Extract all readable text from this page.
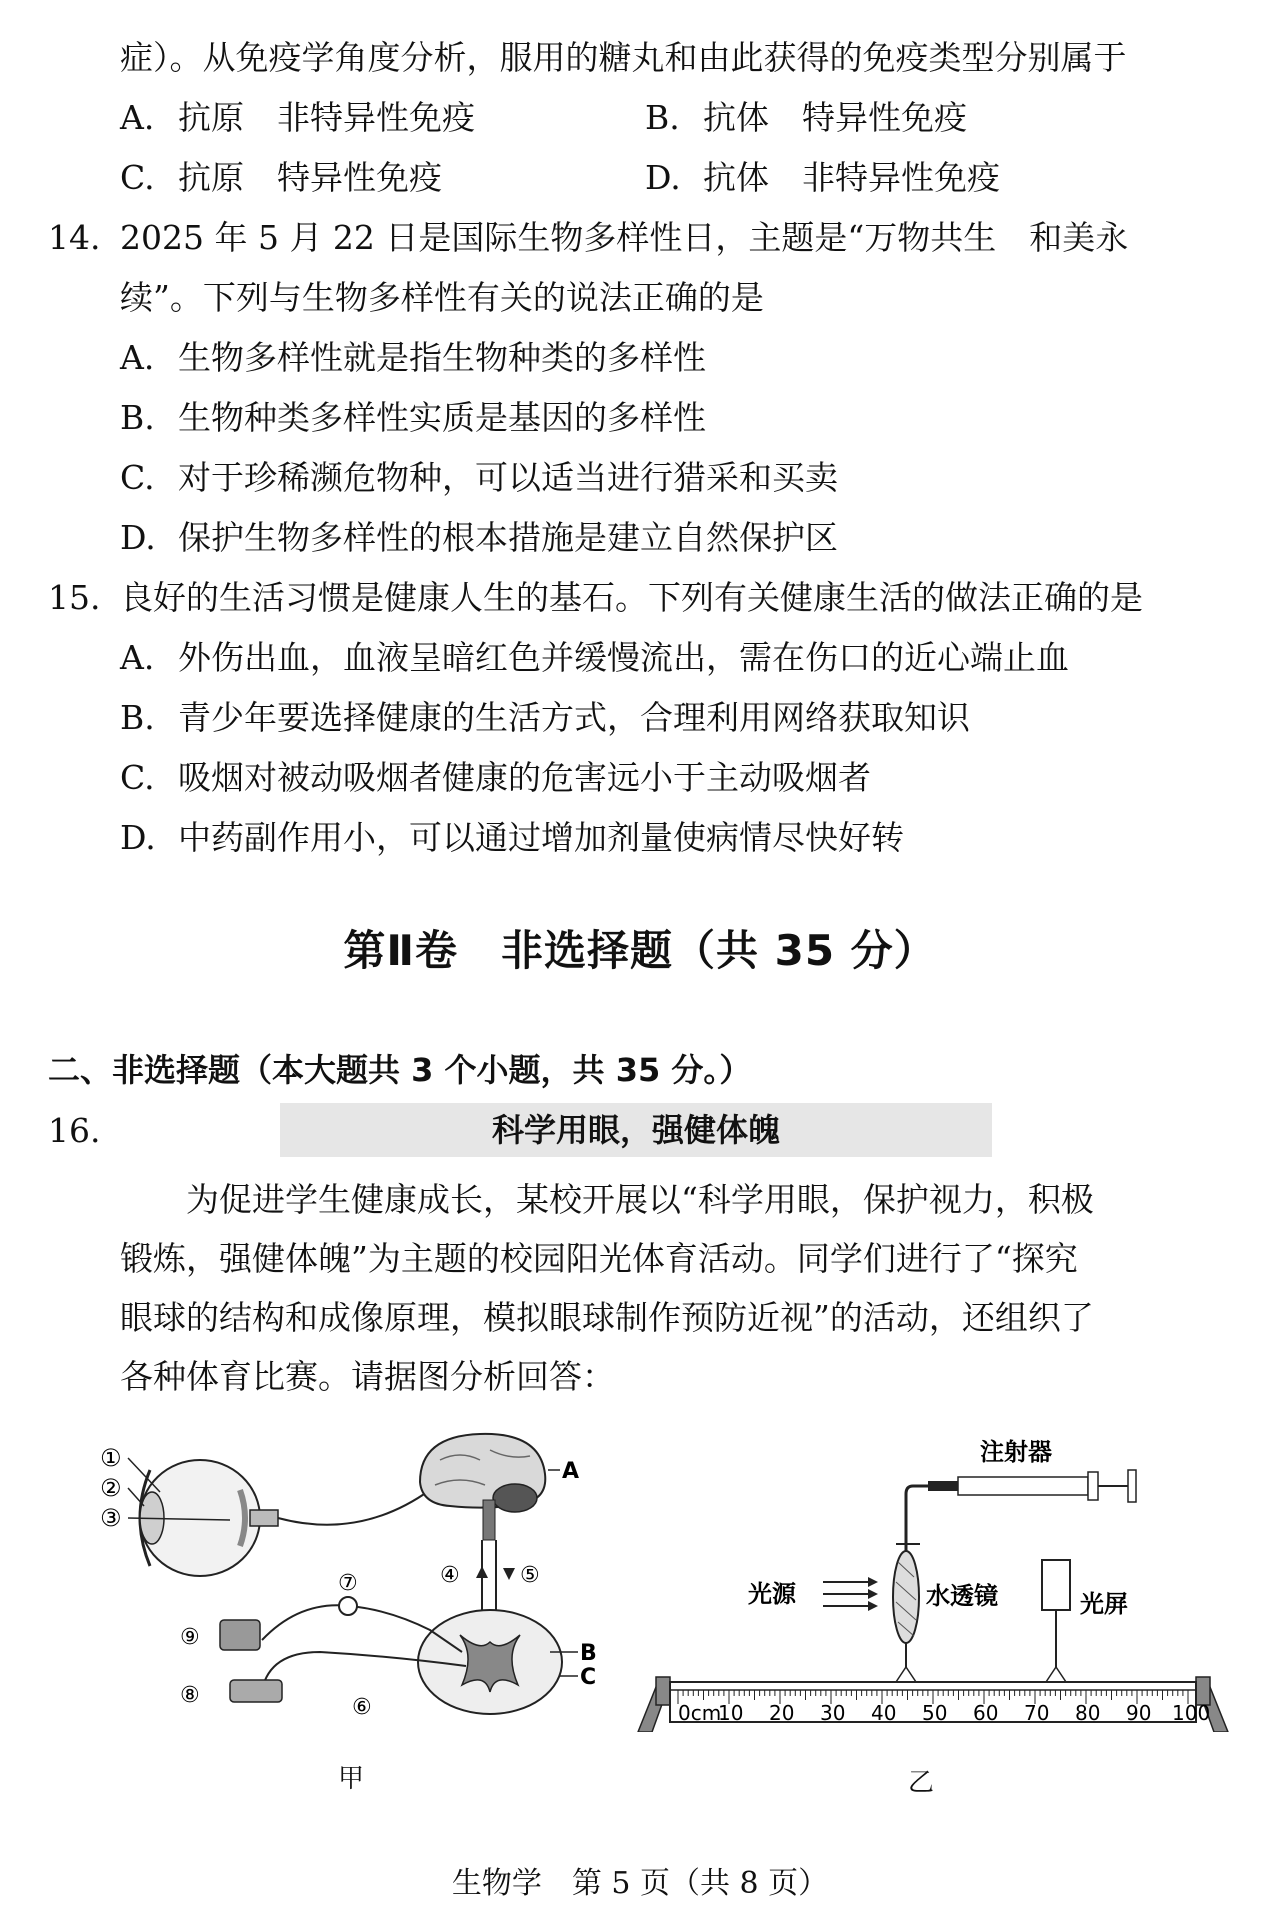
症）。从免疫学角度分析，服用的糖丸和由此获得的免疫类型分别属于
A. 抗原　非特异性免疫	B. 抗体　特异性免疫
C. 抗原　特异性免疫	D. 抗体　非特异性免疫
14. 2025 年 5 月 22 日是国际生物多样性日，主题是“万物共生　和美永
续”。下列与生物多样性有关的说法正确的是
A. 生物多样性就是指生物种类的多样性
B. 生物种类多样性实质是基因的多样性
C. 对于珍稀濒危物种，可以适当进行猎采和买卖
D. 保护生物多样性的根本措施是建立自然保护区
15. 良好的生活习惯是健康人生的基石。下列有关健康生活的做法正确的是
A. 外伤出血，血液呈暗红色并缓慢流出，需在伤口的近心端止血
B. 青少年要选择健康的生活方式，合理利用网络获取知识
C. 吸烟对被动吸烟者健康的危害远小于主动吸烟者
D. 中药副作用小，可以通过增加剂量使病情尽快好转
第Ⅱ卷　非选择题（共 35 分）
二、非选择题（本大题共 3 个小题，共 35 分。）
16.	科学用眼，强健体魄
为促进学生健康成长，某校开展以“科学用眼，保护视力，积极
锻炼，强健体魄”为主题的校园阳光体育活动。同学们进行了“探究
眼球的结构和成像原理，模拟眼球制作预防近视”的活动，还组织了
各种体育比赛。请据图分析回答：
①
②
③
A
④	⑤
B
C
⑨
⑦
⑧	⑥
甲
注射器
光源	水透镜	光屏
0cm
10 20 30 40 50 60 70 80 90 100
乙
生物学　第 5 页（共 8 页）
